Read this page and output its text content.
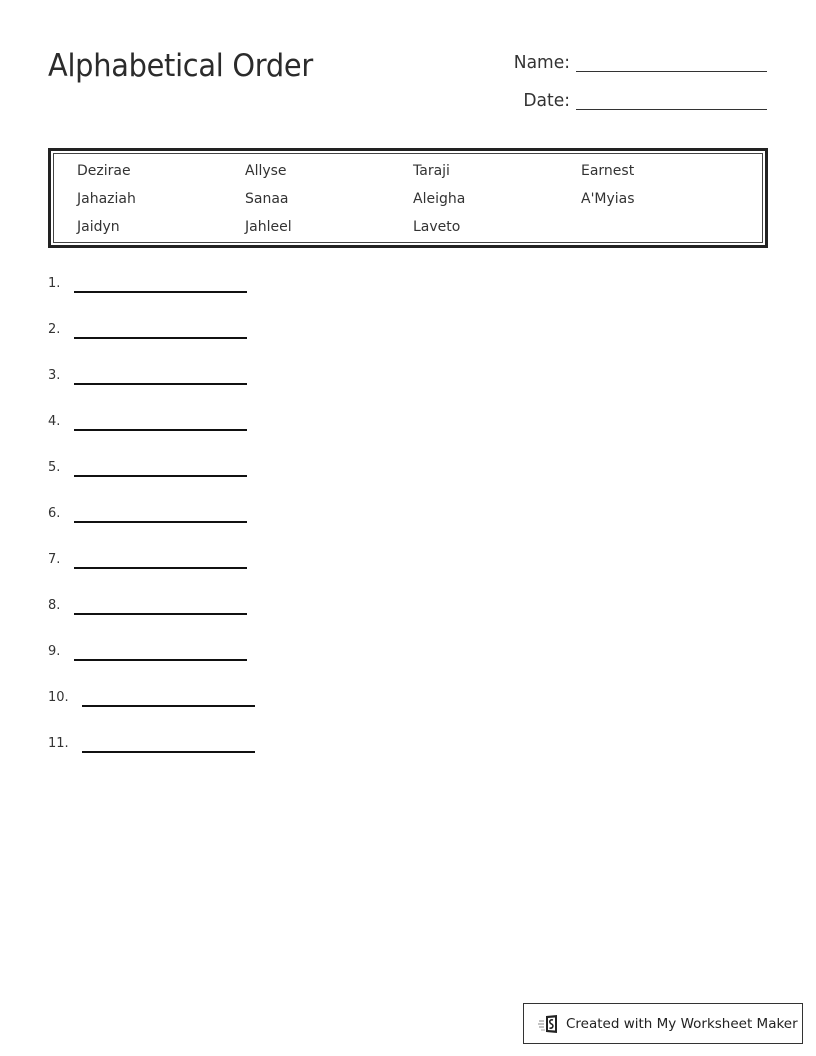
Alphabetical Order	Name:
Date:
Dezirae	Allyse	Taraji	Earnest
Jahaziah	Sanaa	Aleigha	A'Myias
Jaidyn	Jahleel	Laveto
1.
2.
3.
4.
5.
6.
7.
8.
9.
10.
11.
Created with My Worksheet Maker
